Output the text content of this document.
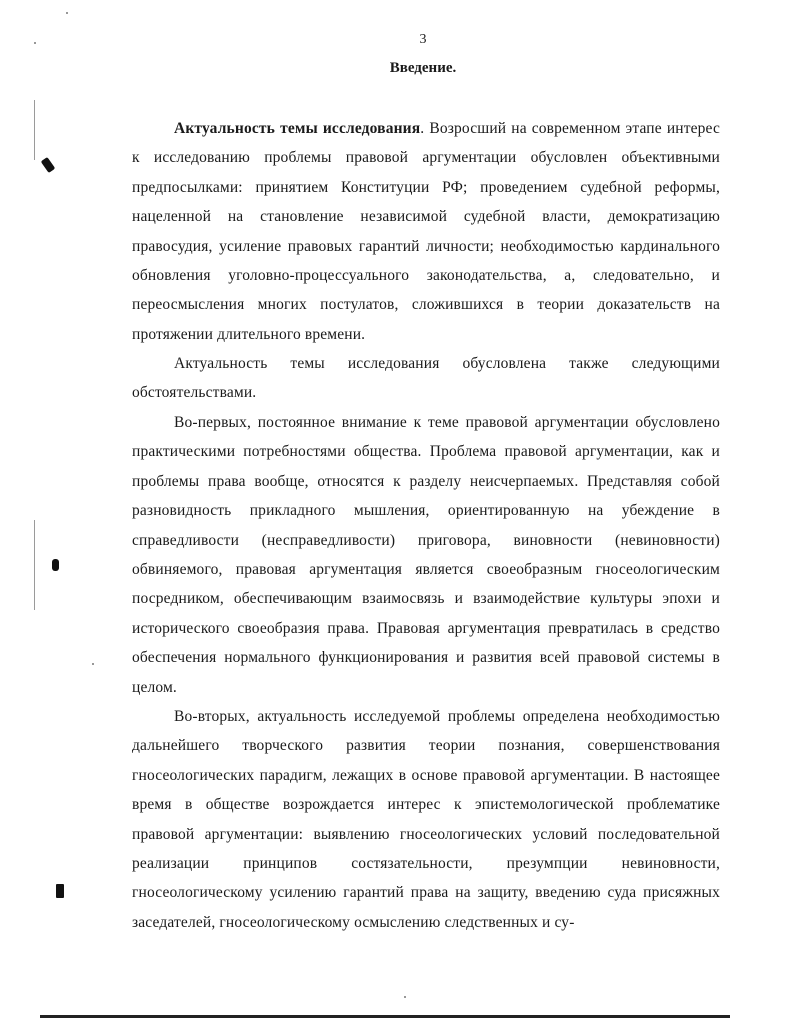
3
Введение.

Актуальность темы исследования. Возросший на современном этапе интерес к исследованию проблемы правовой аргументации обусловлен объективными предпосылками: принятием Конституции РФ; проведением судебной реформы, нацеленной на становление независимой судебной власти, демократизацию правосудия, усиление правовых гарантий личности; необходимостью кардинального обновления уголовно-процессуального законодательства, а, следовательно, и переосмысления многих постулатов, сложившихся в теории доказательств на протяжении длительного времени.

Актуальность темы исследования обусловлена также следующими обстоятельствами.

Во-первых, постоянное внимание к теме правовой аргументации обусловлено практическими потребностями общества. Проблема правовой аргументации, как и проблемы права вообще, относятся к разделу неисчерпаемых. Представляя собой разновидность прикладного мышления, ориентированную на убеждение в справедливости (несправедливости) приговора, виновности (невиновности) обвиняемого, правовая аргументация является своеобразным гносеологическим посредником, обеспечивающим взаимосвязь и взаимодействие культуры эпохи и исторического своеобразия права. Правовая аргументация превратилась в средство обеспечения нормального функционирования и развития всей правовой системы в целом.

Во-вторых, актуальность исследуемой проблемы определена необходимостью дальнейшего творческого развития теории познания, совершенствования гносеологических парадигм, лежащих в основе правовой аргументации. В настоящее время в обществе возрождается интерес к эпистемологической проблематике правовой аргументации: выявлению гносеологических условий последовательной реализации принципов состязательности, презумпции невиновности, гносеологическому усилению гарантий права на защиту, введению суда присяжных заседателей, гносеологическому осмыслению следственных и су-
